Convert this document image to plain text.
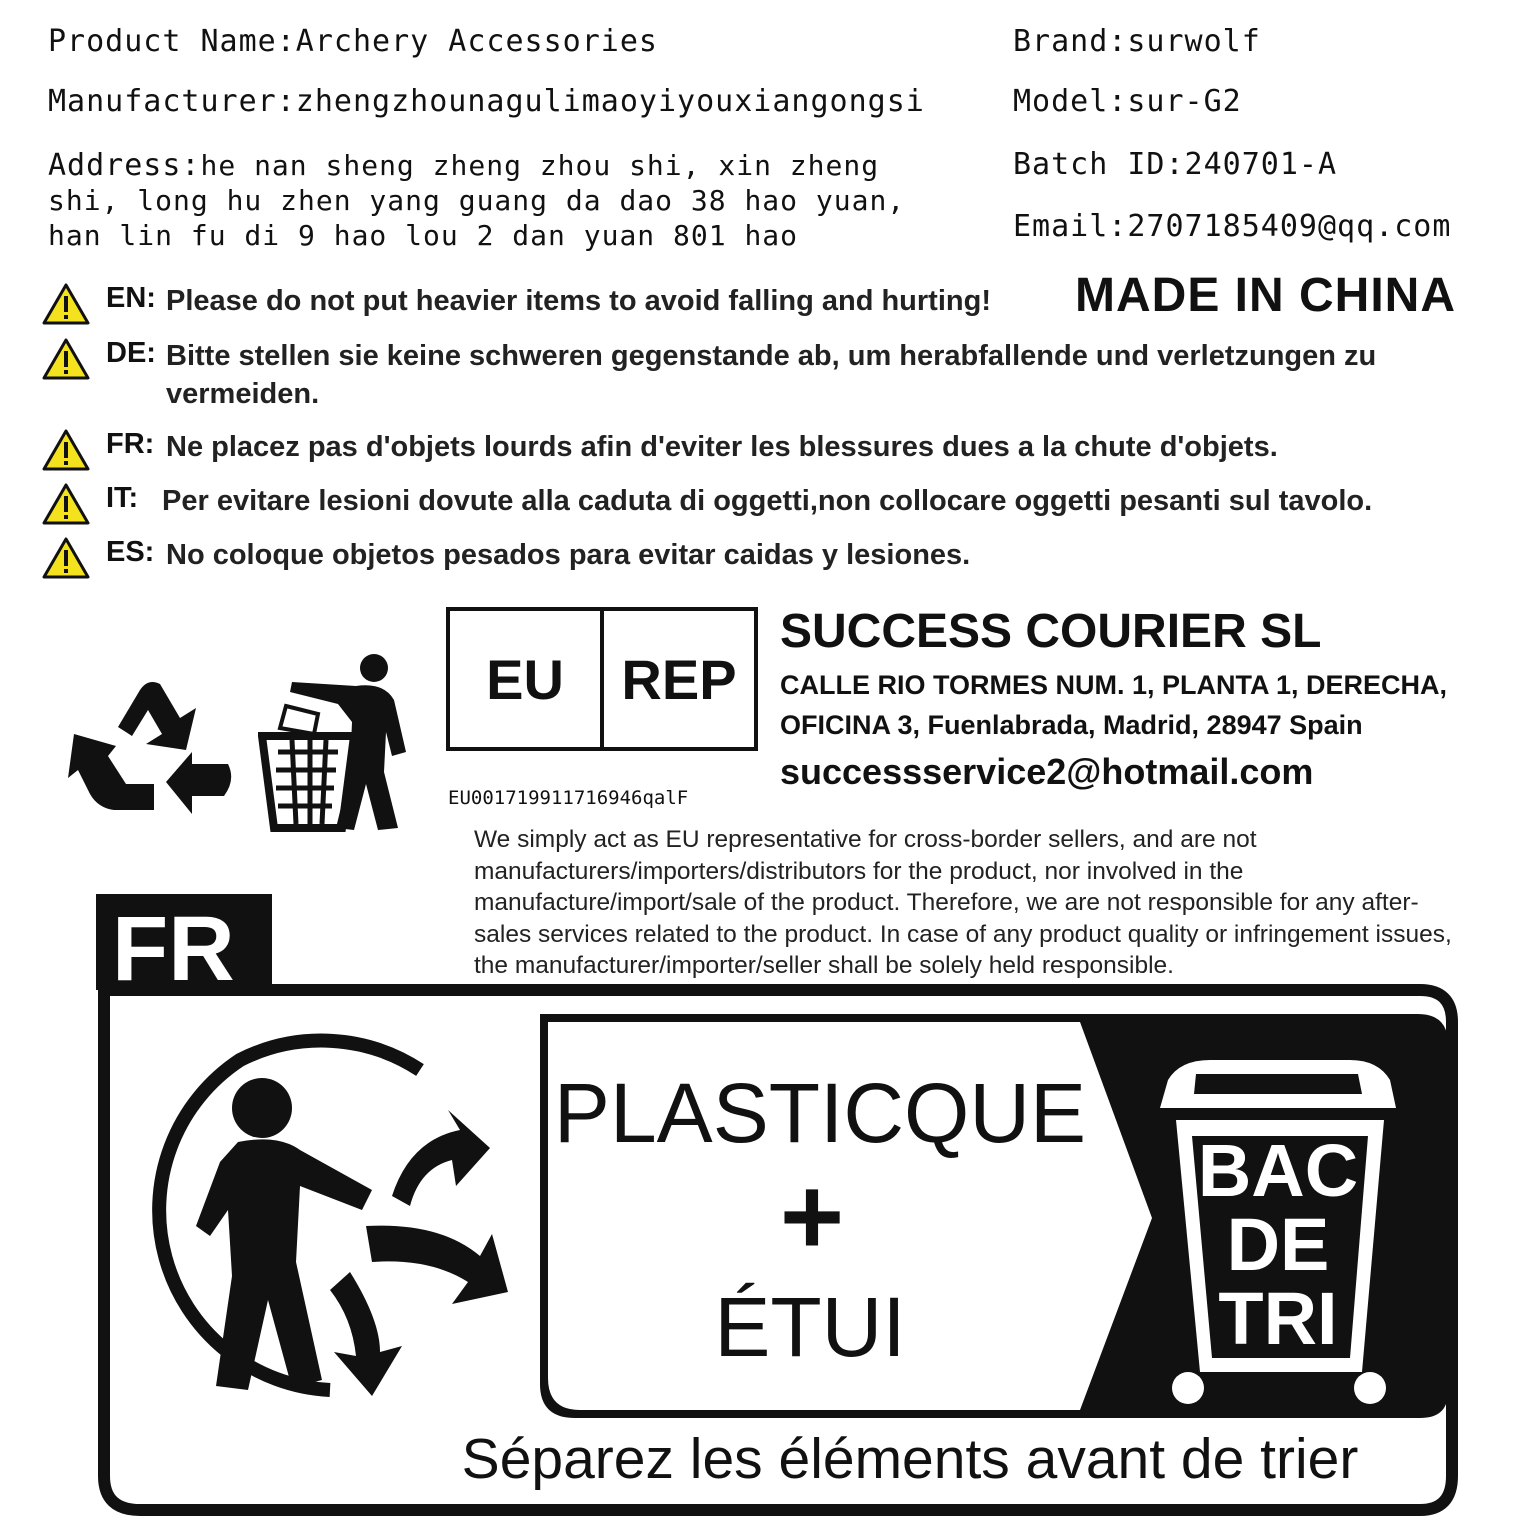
Product Name:Archery Accessories
Manufacturer:zhengzhounagulimaoyiyouxiangongsi
Address:he nan sheng zheng zhou shi, xin zheng shi, long hu zhen yang guang da dao 38 hao yuan, han lin fu di 9 hao lou 2 dan yuan 801 hao
Brand:surwolf
Model:sur-G2
Batch ID:240701-A
Email:2707185409@qq.com
MADE IN CHINA
EN: Please do not put heavier items to avoid falling and hurting!
DE: Bitte stellen sie keine schweren gegenstande ab, um herabfallende und verletzungen zu vermeiden.
FR: Ne placez pas d'objets lourds afin d'eviter les blessures dues a la chute d'objets.
IT: Per evitare lesioni dovute alla caduta di oggetti,non collocare oggetti pesanti sul tavolo.
ES: No coloque objetos pesados para evitar caidas y lesiones.
EU	REP
EU001719911716946qalF
SUCCESS COURIER SL
CALLE RIO TORMES NUM. 1, PLANTA 1, DERECHA,
OFICINA 3, Fuenlabrada, Madrid, 28947 Spain
successservice2@hotmail.com
We simply act as EU representative for cross-border sellers, and are not manufacturers/importers/distributors for the product, nor involved in the manufacture/import/sale of the product. Therefore, we are not responsible for any after-sales services related to the product. In case of any product quality or infringement issues, the manufacturer/importer/seller shall be solely held responsible.
FR
PLASTICQUE
+
ÉTUI
BAC
DE
TRI
Séparez les éléments avant de trier
